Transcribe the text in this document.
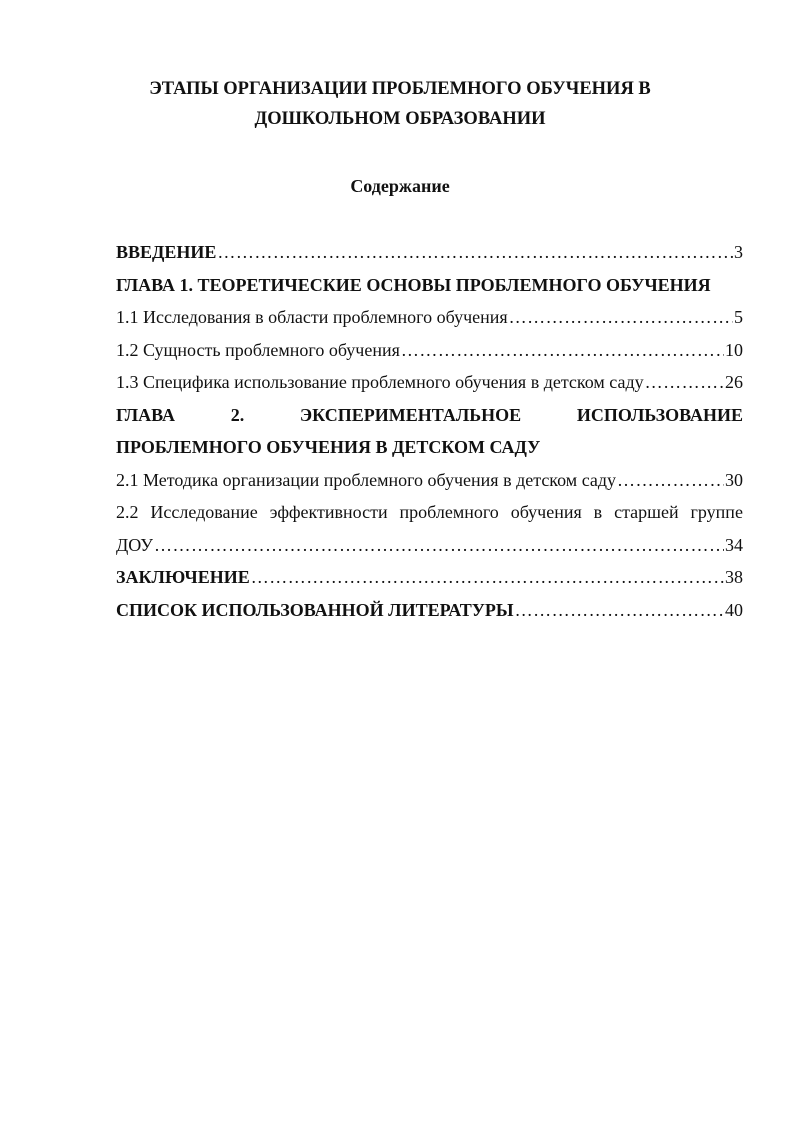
ЭТАПЫ ОРГАНИЗАЦИИ ПРОБЛЕМНОГО ОБУЧЕНИЯ В
ДОШКОЛЬНОМ ОБРАЗОВАНИИ
Содержание
ВВЕДЕНИЕ …………………………………………………………………………………………………………………………………………………………………………………………	3
ГЛАВА 1. ТЕОРЕТИЧЕСКИЕ ОСНОВЫ ПРОБЛЕМНОГО ОБУЧЕНИЯ
1.1 Исследования в области проблемного обучения …………………………………………………………………………………………………………………………………………………………………………………………	5
1.2 Сущность проблемного обучения …………………………………………………………………………………………………………………………………………………………………………………………	10
1.3 Специфика использование проблемного обучения в детском саду …………………………………………………………………………………………………………………………………………………………………………………………	26
ГЛАВА	2.	ЭКСПЕРИМЕНТАЛЬНОЕ	ИСПОЛЬЗОВАНИЕ
ПРОБЛЕМНОГО ОБУЧЕНИЯ В ДЕТСКОМ САДУ
2.1 Методика организации проблемного обучения в детском саду …………………………………………………………………………………………………………………………………………………………………………………………	30
2.2 Исследование эффективности проблемного обучения в старшей группе
ДОУ …………………………………………………………………………………………………………………………………………………………………………………………	34
ЗАКЛЮЧЕНИЕ …………………………………………………………………………………………………………………………………………………………………………………………	38
СПИСОК ИСПОЛЬЗОВАННОЙ ЛИТЕРАТУРЫ …………………………………………………………………………………………………………………………………………………………………………………………	40
